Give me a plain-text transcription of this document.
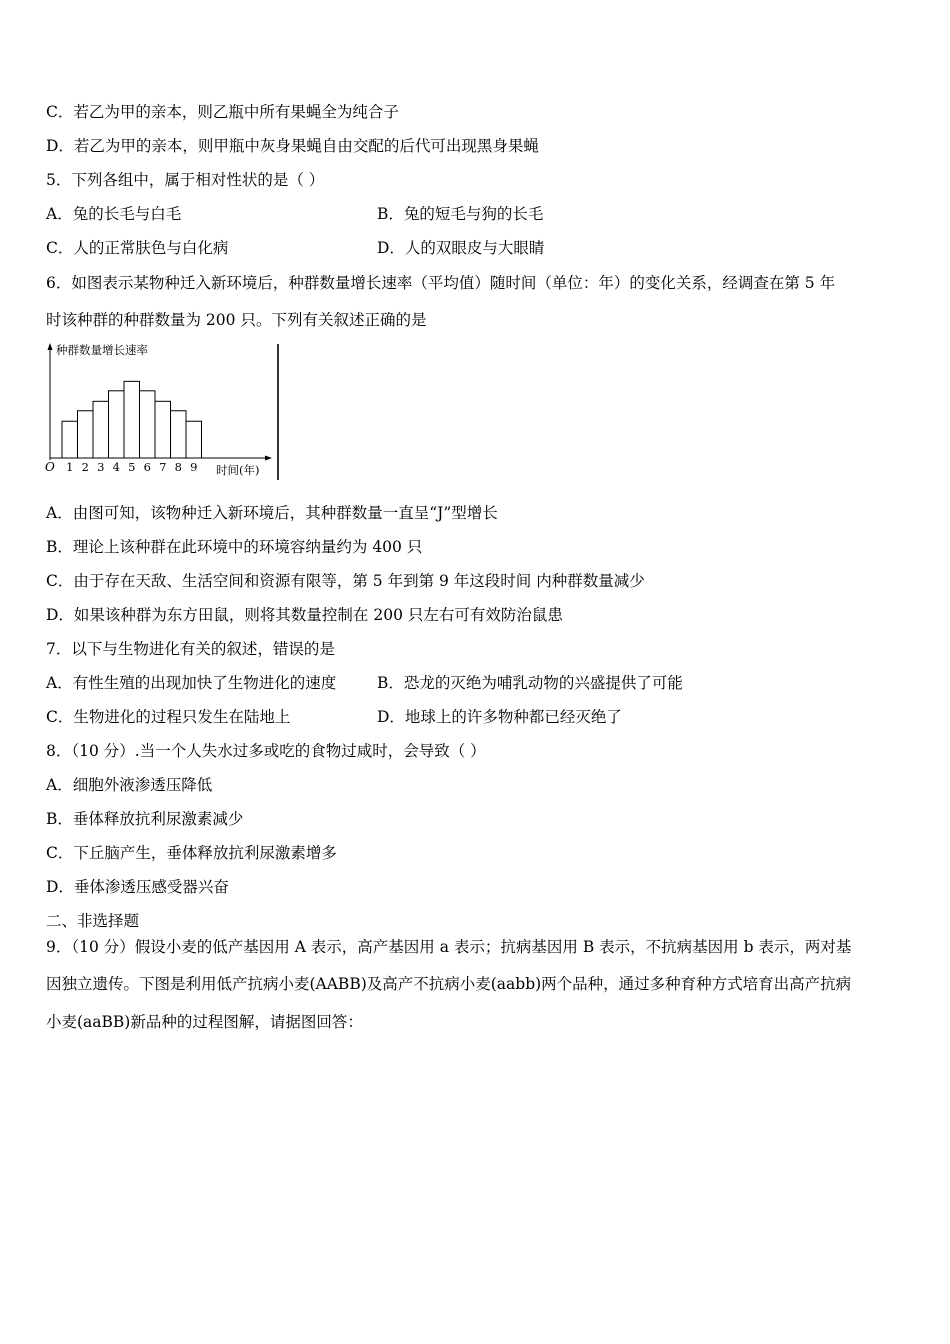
C．若乙为甲的亲本，则乙瓶中所有果蝇全为纯合子
D．若乙为甲的亲本，则甲瓶中灰身果蝇自由交配的后代可出现黑身果蝇
5．下列各组中，属于相对性状的是（ ）
A．兔的长毛与白毛	B．兔的短毛与狗的长毛
C．人的正常肤色与白化病	D．人的双眼皮与大眼睛
6．如图表示某物种迁入新环境后，种群数量增长速率（平均值）随时间（单位：年）的变化关系，经调查在第 5 年
时该种群的种群数量为 200 只。下列有关叙述正确的是
种群数量增长速率
时间(年)
O 1 2 3 4 5 6 7 8 9
A．由图可知，该物种迁入新环境后，其种群数量一直呈“J”型增长
B．理论上该种群在此环境中的环境容纳量约为 400 只
C．由于存在天敌、生活空间和资源有限等，第 5 年到第 9 年这段时间 内种群数量减少
D．如果该种群为东方田鼠，则将其数量控制在 200 只左右可有效防治鼠患
7．以下与生物进化有关的叙述，错误的是
A．有性生殖的出现加快了生物进化的速度	B．恐龙的灭绝为哺乳动物的兴盛提供了可能
C．生物进化的过程只发生在陆地上	D．地球上的许多物种都已经灭绝了
8．（10 分）.当一个人失水过多或吃的食物过咸时，会导致（ ）
A．细胞外液渗透压降低
B．垂体释放抗利尿激素减少
C．下丘脑产生，垂体释放抗利尿激素增多
D．垂体渗透压感受器兴奋
二、非选择题
9．（10 分）假设小麦的低产基因用 A 表示，高产基因用 a 表示；抗病基因用 B 表示，不抗病基因用 b 表示，两对基
因独立遗传。下图是利用低产抗病小麦(AABB)及高产不抗病小麦(aabb)两个品种，通过多种育种方式培育出高产抗病
小麦(aaBB)新品种的过程图解，请据图回答：
